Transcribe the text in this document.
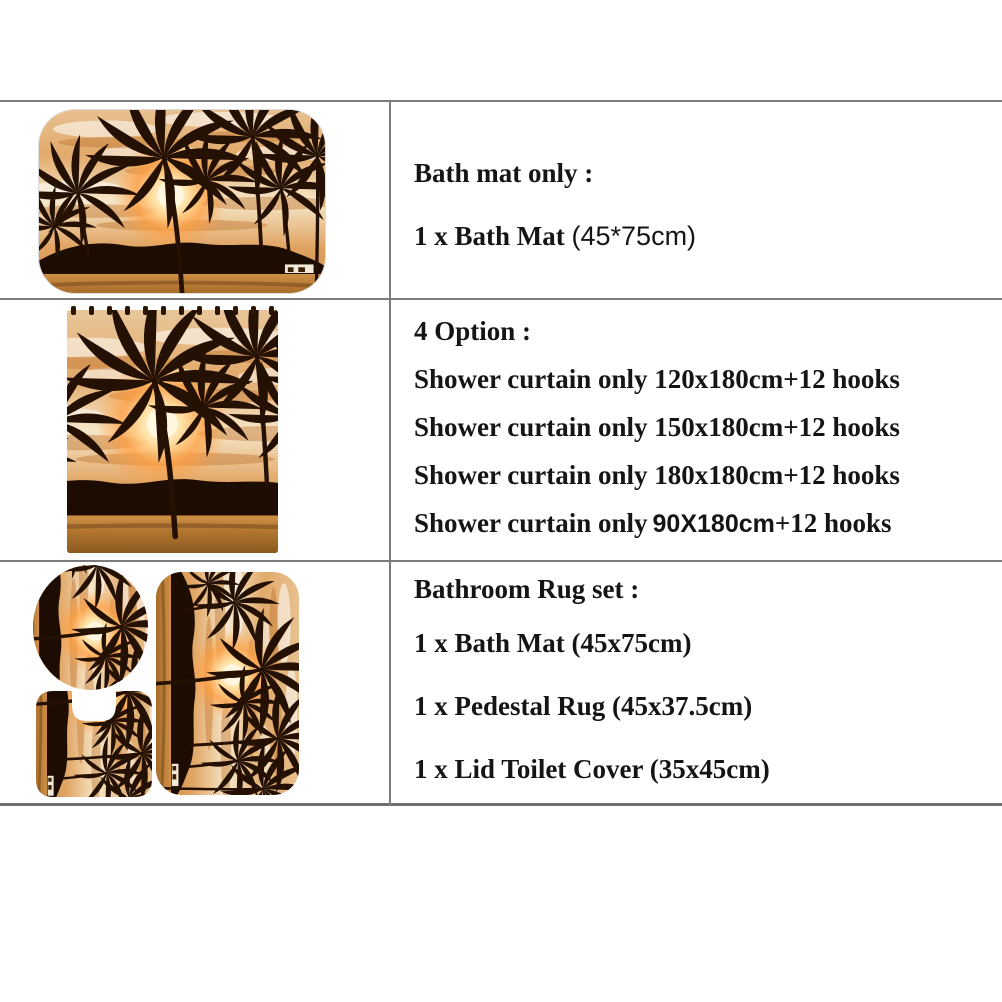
Bath mat only :
1 x Bath Mat (45*75cm)
4 Option :
Shower curtain only 120x180cm+12 hooks
Shower curtain only 150x180cm+12 hooks
Shower curtain only 180x180cm+12 hooks
Shower curtain only 90X180cm+12 hooks
Bathroom Rug set :
1 x Bath Mat (45x75cm)
1 x Pedestal Rug (45x37.5cm)
1 x Lid Toilet Cover (35x45cm)
